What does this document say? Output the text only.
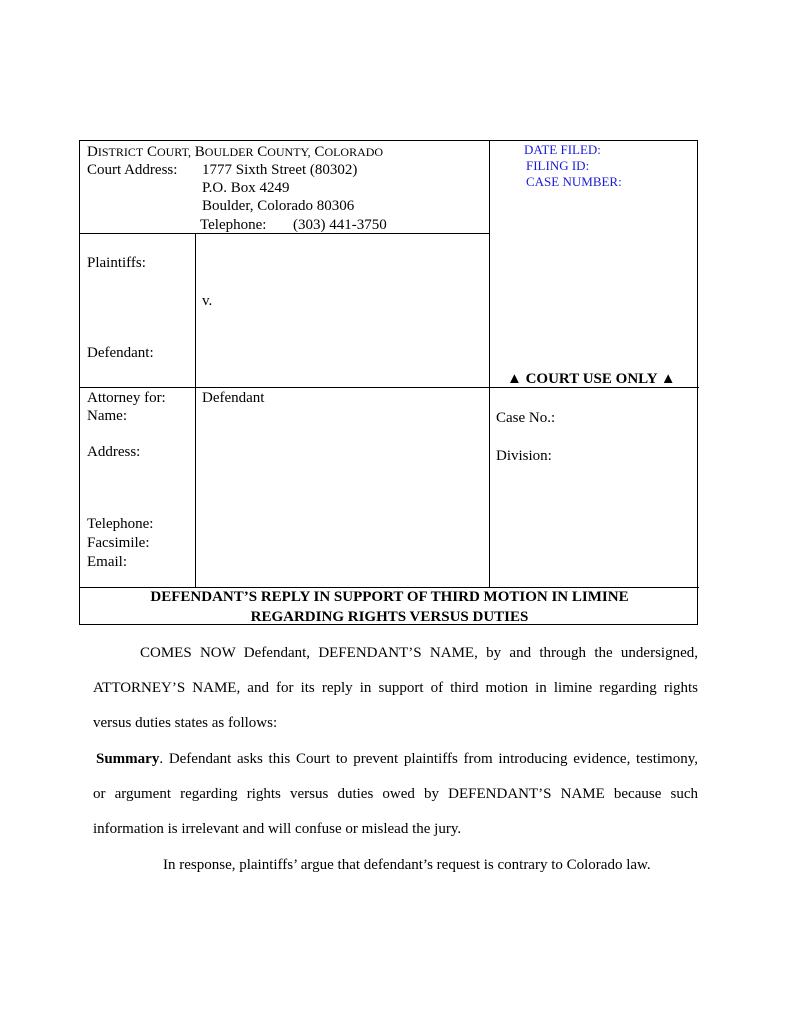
DISTRICT COURT, BOULDER COUNTY, COLORADO
Court Address: 1777 Sixth Street (80302)
P.O. Box 4249
Boulder, Colorado 80306
Telephone: (303) 441-3750
DATE FILED:
FILING ID:
CASE NUMBER:
Plaintiffs:
v.
Defendant:
▲ COURT USE ONLY ▲
Attorney for: Defendant
Name:
Address:
Telephone:
Facsimile:
Email:
Case No.:
Division:
DEFENDANT’S REPLY IN SUPPORT OF THIRD MOTION IN LIMINE
REGARDING RIGHTS VERSUS DUTIES
COMES NOW Defendant, DEFENDANT’S NAME, by and through the undersigned,
ATTORNEY’S NAME, and for its reply in support of third motion in limine regarding rights
versus duties states as follows:
Summary. Defendant asks this Court to prevent plaintiffs from introducing evidence, testimony,
or argument regarding rights versus duties owed by DEFENDANT’S NAME because such
information is irrelevant and will confuse or mislead the jury.
In response, plaintiffs’ argue that defendant’s request is contrary to Colorado law.
